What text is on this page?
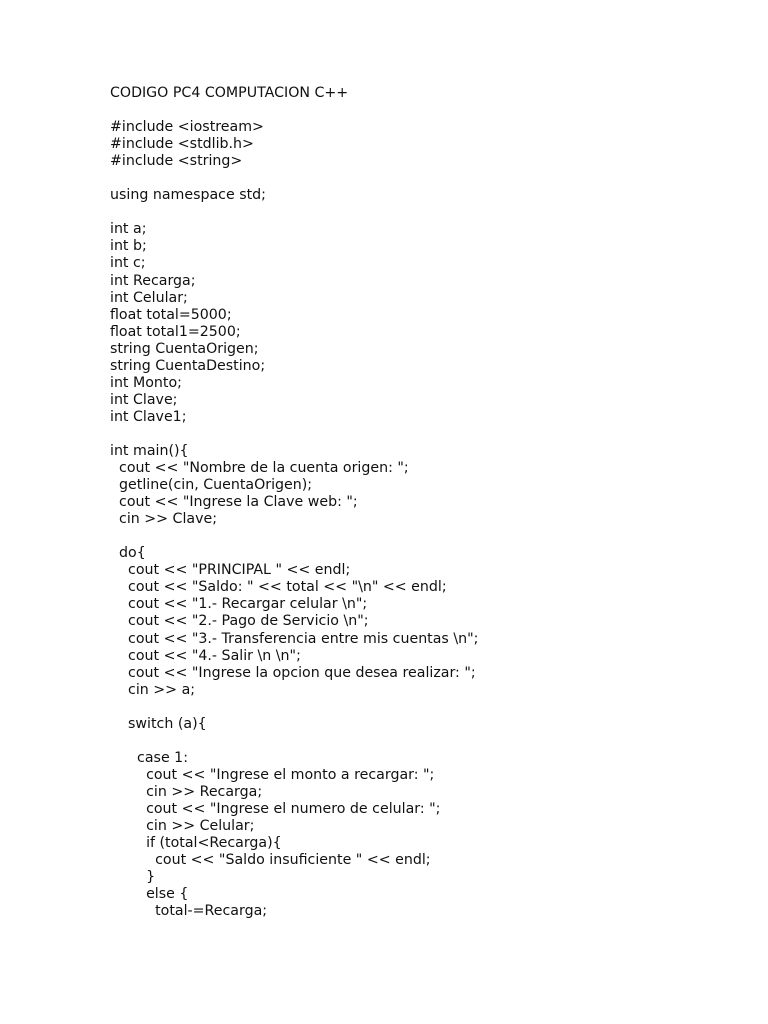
CODIGO PC4 COMPUTACION C++
#include <iostream>
#include <stdlib.h>
#include <string>
using namespace std;
int a;
int b;
int c;
int Recarga;
int Celular;
float total=5000;
float total1=2500;
string CuentaOrigen;
string CuentaDestino;
int Monto;
int Clave;
int Clave1;
int main(){
cout << "Nombre de la cuenta origen: ";
getline(cin, CuentaOrigen);
cout << "Ingrese la Clave web: ";
cin >> Clave;
do{
cout << "PRINCIPAL " << endl;
cout << "Saldo: " << total << "\n" << endl;
cout << "1.- Recargar celular \n";
cout << "2.- Pago de Servicio \n";
cout << "3.- Transferencia entre mis cuentas \n";
cout << "4.- Salir \n \n";
cout << "Ingrese la opcion que desea realizar: ";
cin >> a;
switch (a){
case 1:
cout << "Ingrese el monto a recargar: ";
cin >> Recarga;
cout << "Ingrese el numero de celular: ";
cin >> Celular;
if (total<Recarga){
cout << "Saldo insuficiente " << endl;
}
else {
total-=Recarga;
